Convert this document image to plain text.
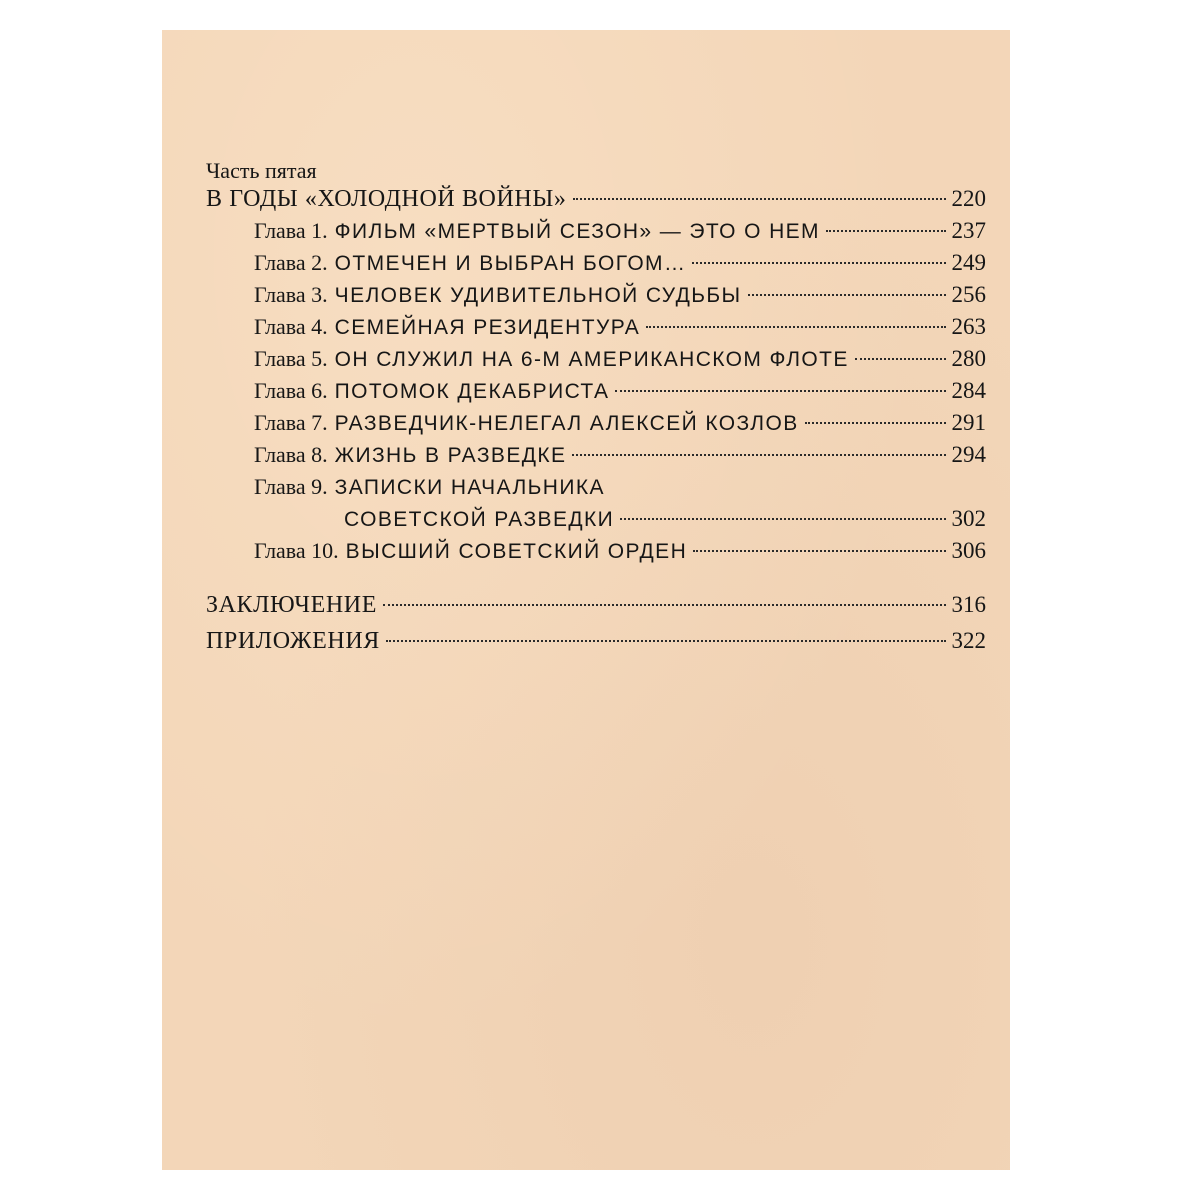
Часть пятая
В ГОДЫ «ХОЛОДНОЙ ВОЙНЫ»	220
Глава 1. ФИЛЬМ «МЕРТВЫЙ СЕЗОН» — ЭТО О НЕМ	237
Глава 2. ОТМЕЧЕН И ВЫБРАН БОГОМ…	249
Глава 3. ЧЕЛОВЕК УДИВИТЕЛЬНОЙ СУДЬБЫ	256
Глава 4. СЕМЕЙНАЯ РЕЗИДЕНТУРА	263
Глава 5. ОН СЛУЖИЛ НА 6-М АМЕРИКАНСКОМ ФЛОТЕ	280
Глава 6. ПОТОМОК ДЕКАБРИСТА	284
Глава 7. РАЗВЕДЧИК-НЕЛЕГАЛ АЛЕКСЕЙ КОЗЛОВ	291
Глава 8. ЖИЗНЬ В РАЗВЕДКЕ	294
Глава 9. ЗАПИСКИ НАЧАЛЬНИКА
СОВЕТСКОЙ РАЗВЕДКИ	302
Глава 10. ВЫСШИЙ СОВЕТСКИЙ ОРДЕН	306
ЗАКЛЮЧЕНИЕ	316
ПРИЛОЖЕНИЯ	322
